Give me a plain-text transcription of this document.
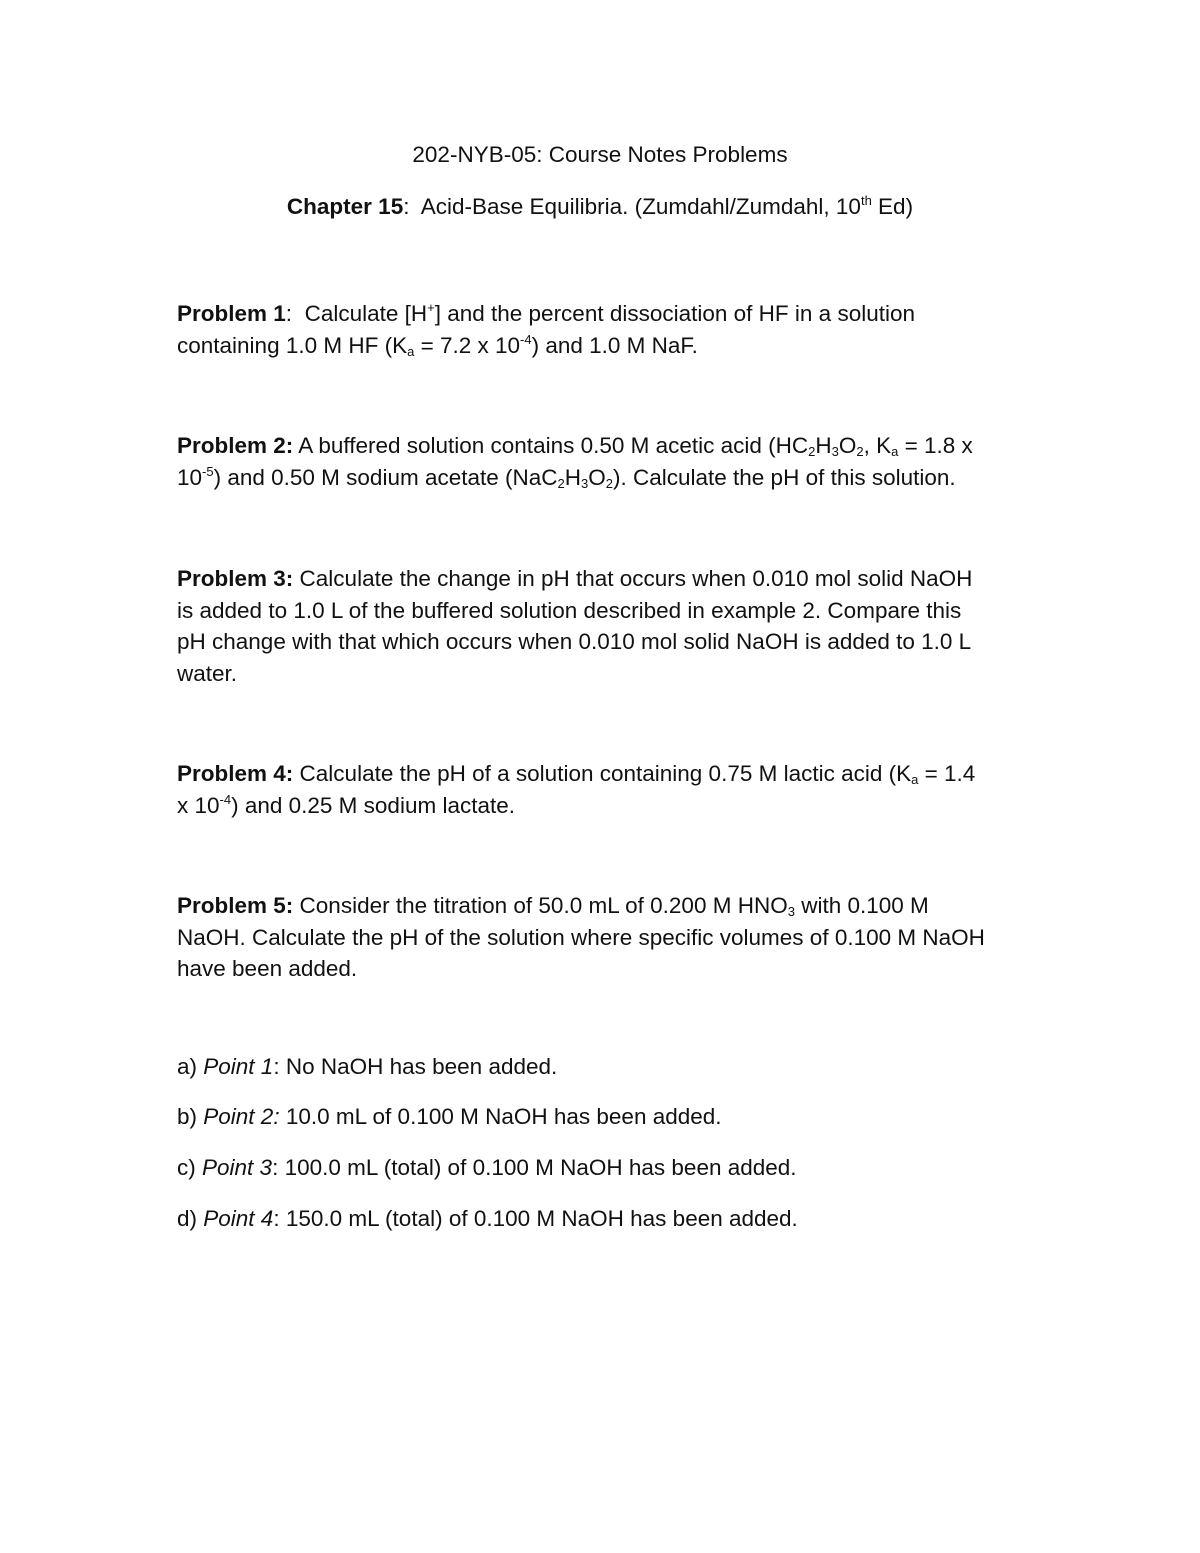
202-NYB-05: Course Notes Problems
Chapter 15:  Acid-Base Equilibria. (Zumdahl/Zumdahl, 10th Ed)
Problem 1:  Calculate [H+] and the percent dissociation of HF in a solution
containing 1.0 M HF ($K_a = 7.2$ x $10^{-4}$) and 1.0 M NaF.
Problem 2: A buffered solution contains 0.50 M acetic acid ($HC_2H_3O_2$, $K_a = 1.8$ x
$10^{-5}$) and 0.50 M sodium acetate $(NaC_2H_3O_2)$. Calculate the pH of this solution.
Problem 3: Calculate the change in pH that occurs when 0.010 mol solid NaOH
is added to 1.0 L of the buffered solution described in example 2. Compare this
pH change with that which occurs when 0.010 mol solid NaOH is added to 1.0 L
water.
Problem 4: Calculate the pH of a solution containing 0.75 M lactic acid ($K_a = 1.4$
x $10^{-4}$) and 0.25 M sodium lactate.
Problem 5: Consider the titration of 50.0 mL of 0.200 M $HNO_3$ with 0.100 M
NaOH. Calculate the pH of the solution where specific volumes of 0.100 M NaOH
have been added.
a) Point 1: No NaOH has been added.
b) Point 2: 10.0 mL of 0.100 M NaOH has been added.
c) Point 3: 100.0 mL (total) of 0.100 M NaOH has been added.
d) Point 4: 150.0 mL (total) of 0.100 M NaOH has been added.
